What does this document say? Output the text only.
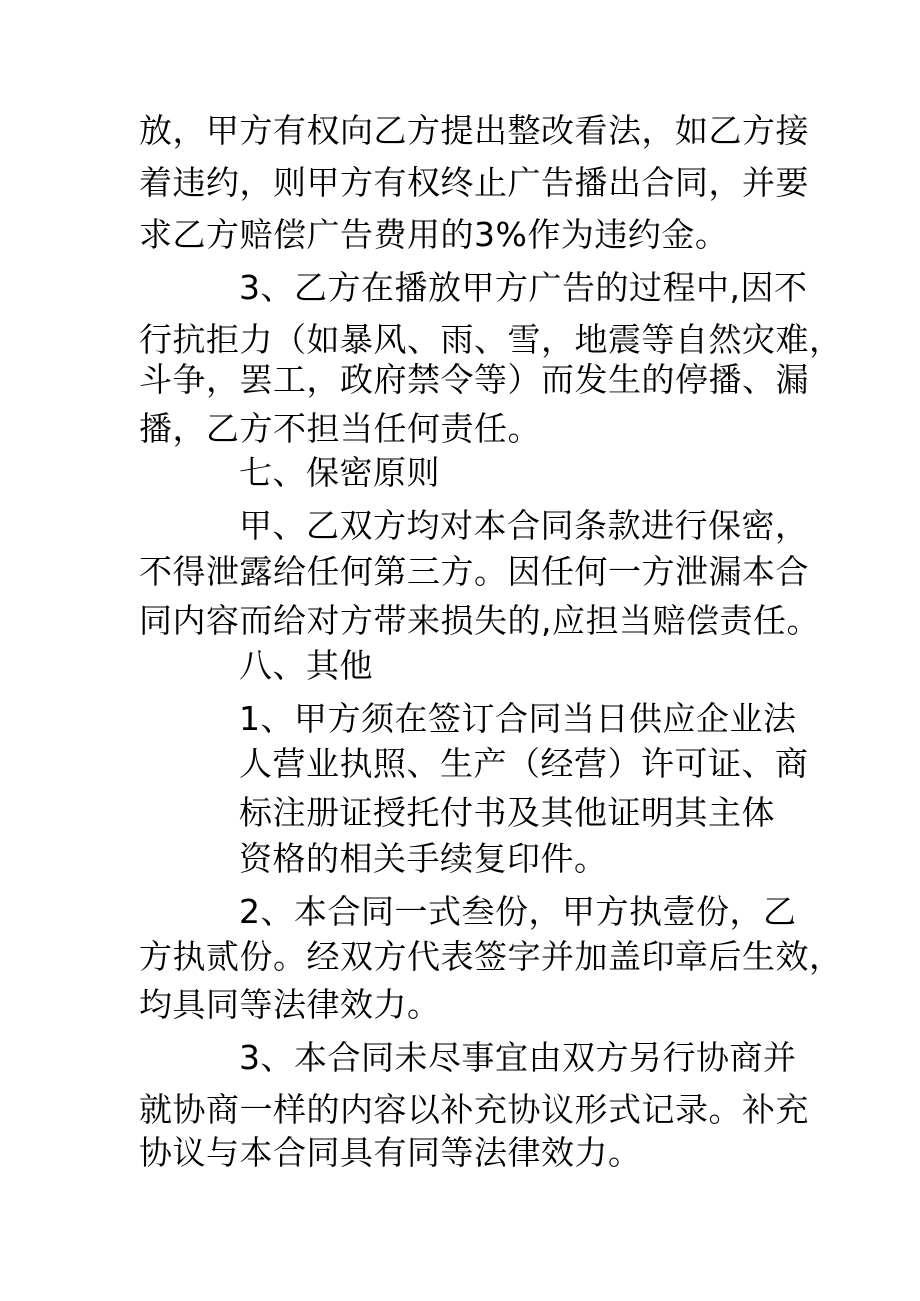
放，甲方有权向乙方提出整改看法，如乙方接
着违约，则甲方有权终止广告播出合同，并要
求乙方赔偿广告费用的3%作为违约金。
3、乙方在播放甲方广告的过程中,因不
行抗拒力（如暴风、雨、雪，地震等自然灾难，
斗争，罢工，政府禁令等）而发生的停播、漏
播，乙方不担当任何责任。
七、保密原则
甲、乙双方均对本合同条款进行保密，
不得泄露给任何第三方。因任何一方泄漏本合
同内容而给对方带来损失的,应担当赔偿责任。
八、其他
1、甲方须在签订合同当日供应企业法
人营业执照、生产（经营）许可证、商
标注册证授托付书及其他证明其主体
资格的相关手续复印件。
2、本合同一式叁份，甲方执壹份，乙
方执贰份。经双方代表签字并加盖印章后生效，
均具同等法律效力。
3、本合同未尽事宜由双方另行协商并
就协商一样的内容以补充协议形式记录。补充
协议与本合同具有同等法律效力。
